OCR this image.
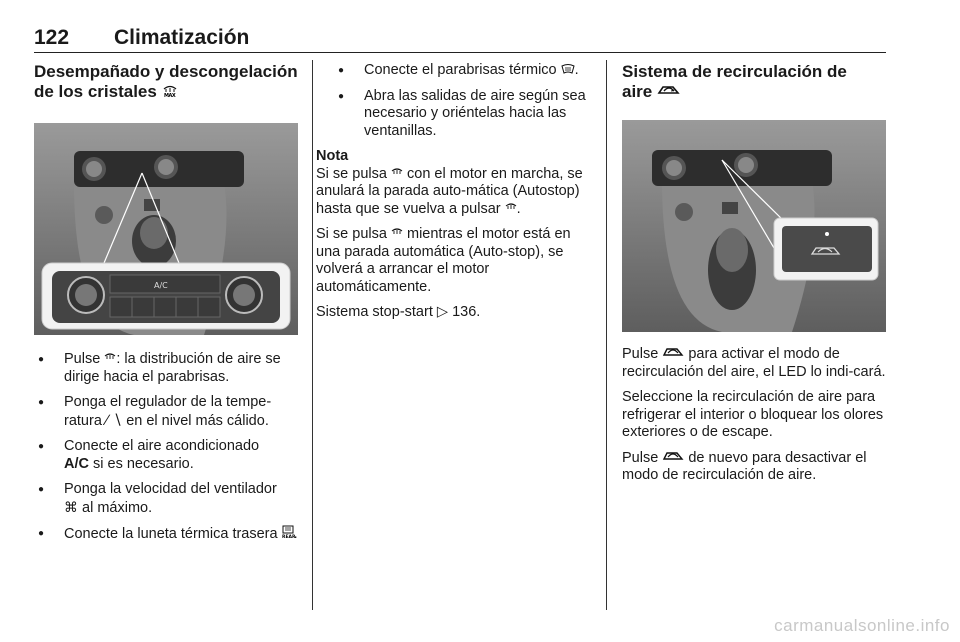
122 Climatización
Desempañado y descongelación
de los cristales MAX
A/C
● Pulse : la distribución de aire se dirige hacia el parabrisas.
● Ponga el regulador de la tempe-ratura ∕ ∖ en el nivel más cálido.
● Conecte el aire acondicionado
A/C si es necesario.
● Ponga la velocidad del ventilador
⌘ al máximo.
● Conecte la luneta térmica trasera REAR
.
● Conecte el parabrisas térmico .
● Abra las salidas de aire según sea necesario y oriéntelas hacia las ventanillas.
Nota

Si se pulsa con el motor en marcha, se anulará la parada auto-mática (Autostop) hasta que se vuelva a pulsar .

Si se pulsa mientras el motor está en una parada automática (Auto-stop), se volverá a arrancar el motor automáticamente.

Sistema stop-start ▷ 136.

Sistema de recirculación de
aire

Pulse para activar el modo de recirculación del aire, el LED lo indi-cará.

Seleccione la recirculación de aire para refrigerar el interior o bloquear los olores exteriores o de escape.

Pulse de nuevo para desactivar el modo de recirculación de aire.

carmanualsonline.info
